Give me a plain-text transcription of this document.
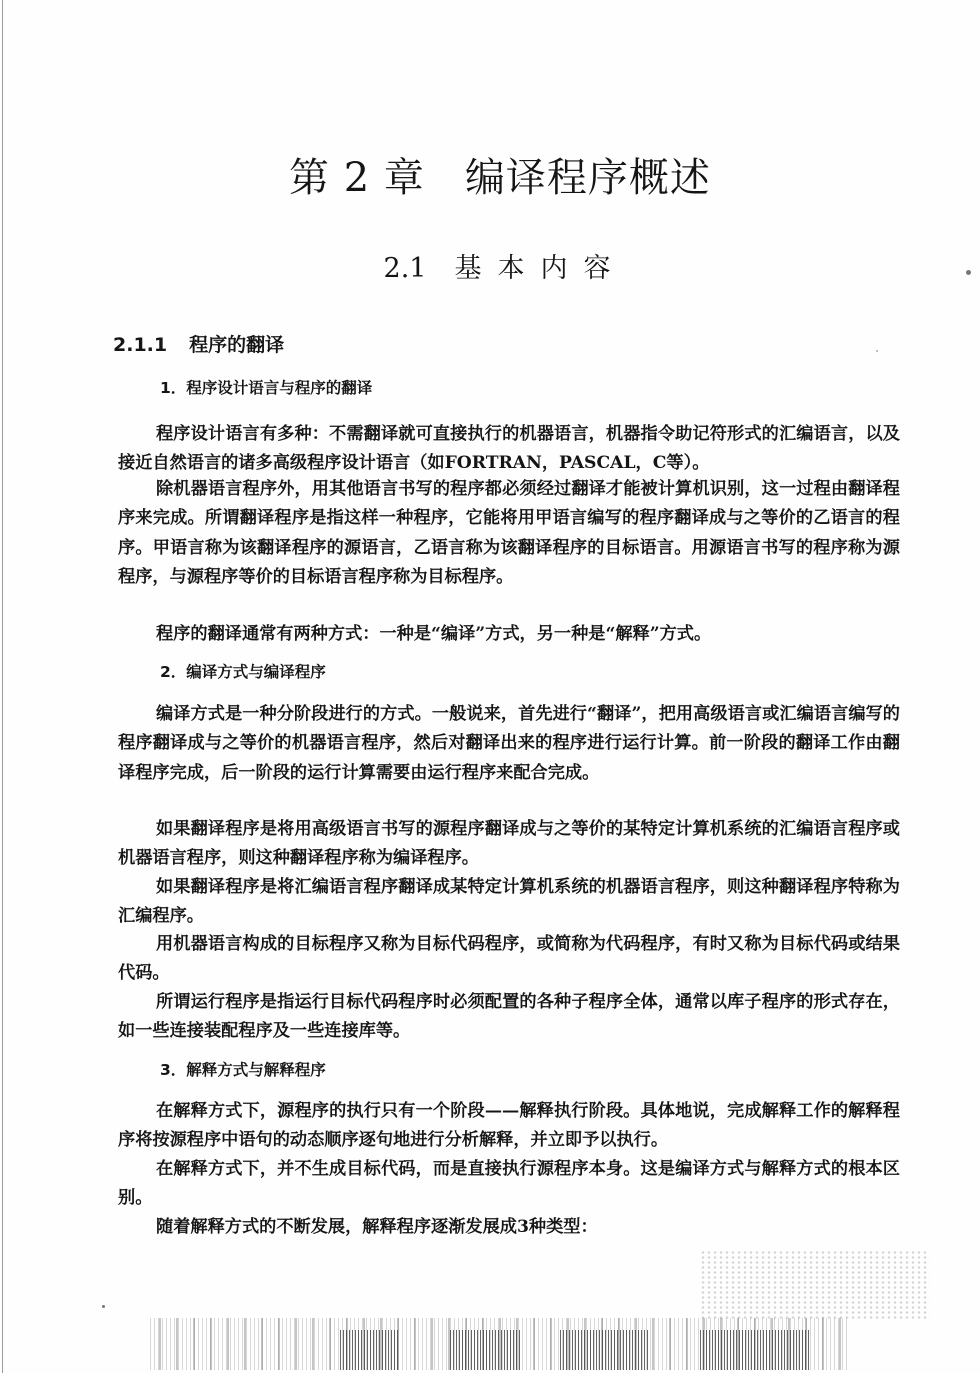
第 2 章 编译程序概述
2.1 基本内容
2.1.1 程序的翻译
1．程序设计语言与程序的翻译

程序设计语言有多种：不需翻译就可直接执行的机器语言，机器指令助记符形式的汇编语言，以及接近自然语言的诸多高级程序设计语言（如FORTRAN，PASCAL，C等）。

除机器语言程序外，用其他语言书写的程序都必须经过翻译才能被计算机识别，这一过程由翻译程序来完成。所谓翻译程序是指这样一种程序，它能将用甲语言编写的程序翻译成与之等价的乙语言的程序。甲语言称为该翻译程序的源语言，乙语言称为该翻译程序的目标语言。用源语言书写的程序称为源程序，与源程序等价的目标语言程序称为目标程序。

程序的翻译通常有两种方式：一种是“编译”方式，另一种是“解释”方式。

2．编译方式与编译程序

编译方式是一种分阶段进行的方式。一般说来，首先进行“翻译”，把用高级语言或汇编语言编写的程序翻译成与之等价的机器语言程序，然后对翻译出来的程序进行运行计算。前一阶段的翻译工作由翻译程序完成，后一阶段的运行计算需要由运行程序来配合完成。

如果翻译程序是将用高级语言书写的源程序翻译成与之等价的某特定计算机系统的汇编语言程序或机器语言程序，则这种翻译程序称为编译程序。

如果翻译程序是将汇编语言程序翻译成某特定计算机系统的机器语言程序，则这种翻译程序特称为汇编程序。

用机器语言构成的目标程序又称为目标代码程序，或简称为代码程序，有时又称为目标代码或结果代码。

所谓运行程序是指运行目标代码程序时必须配置的各种子程序全体，通常以库子程序的形式存在，如一些连接装配程序及一些连接库等。

3．解释方式与解释程序

在解释方式下，源程序的执行只有一个阶段——解释执行阶段。具体地说，完成解释工作的解释程序将按源程序中语句的动态顺序逐句地进行分析解释，并立即予以执行。

在解释方式下，并不生成目标代码，而是直接执行源程序本身。这是编译方式与解释方式的根本区别。

随着解释方式的不断发展，解释程序逐渐发展成3种类型：
